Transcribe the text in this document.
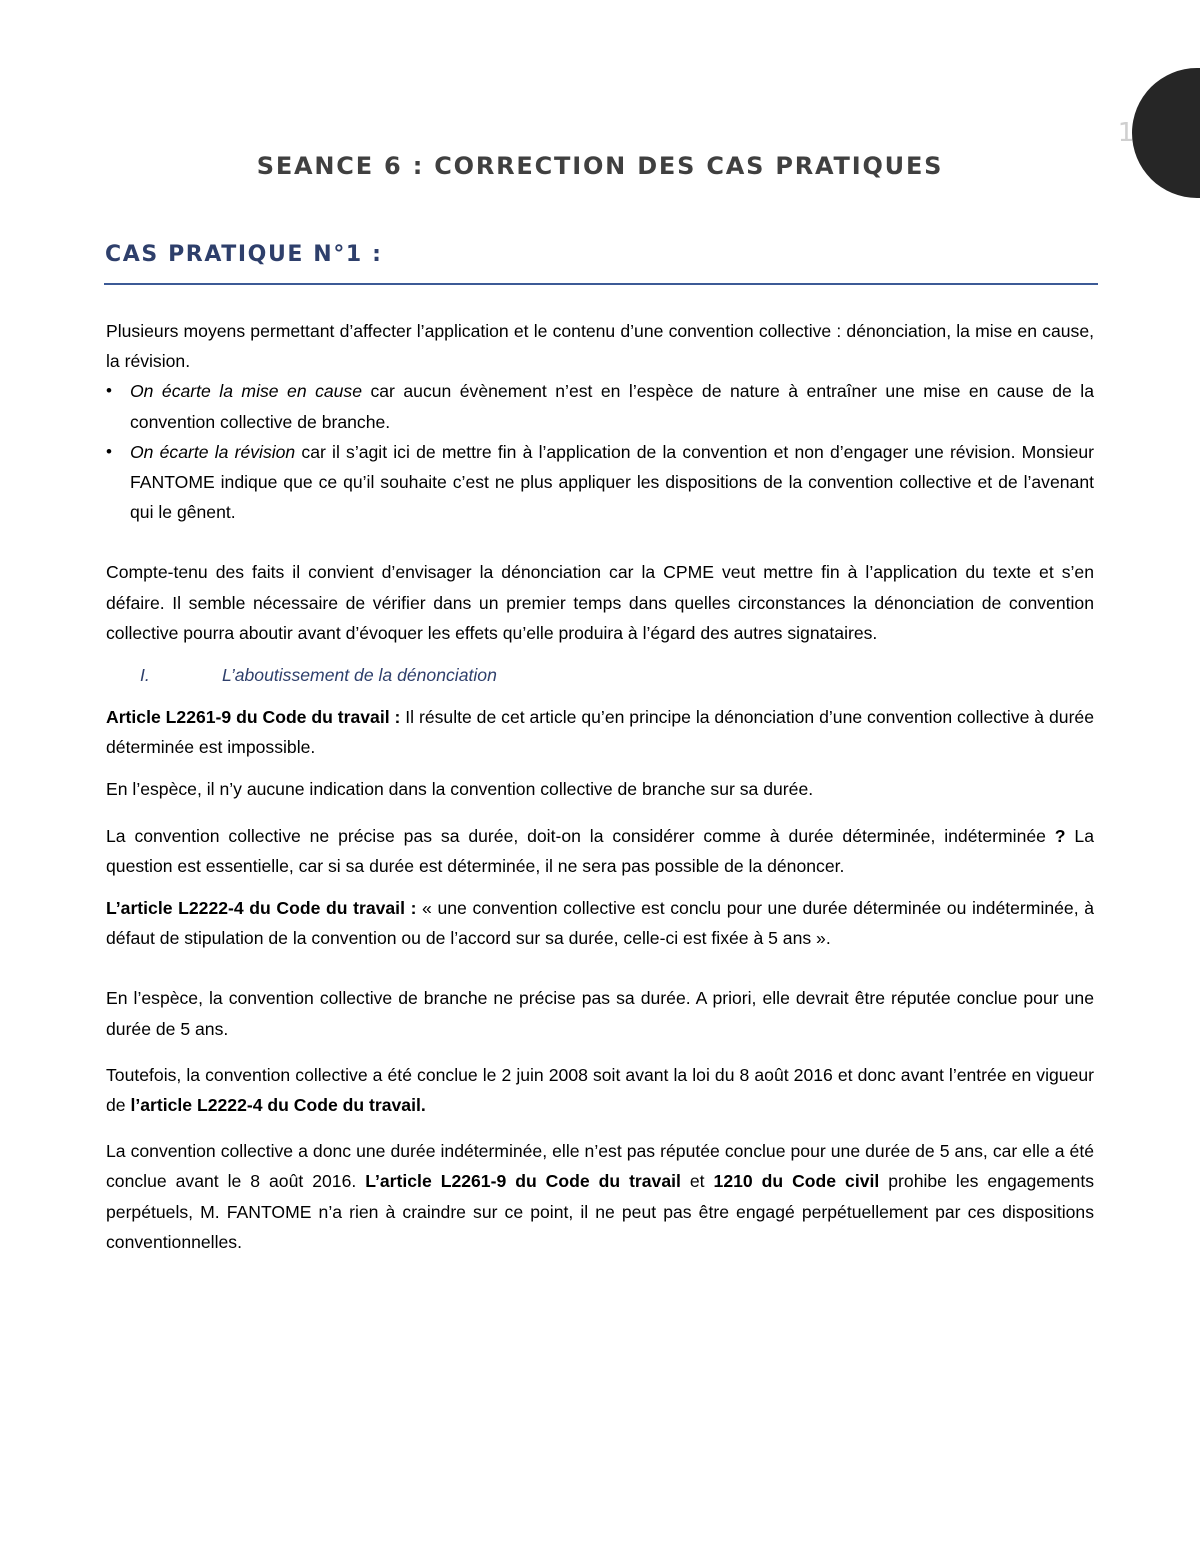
1
SEANCE 6 : CORRECTION DES CAS PRATIQUES
CAS PRATIQUE N°1 :

Plusieurs moyens permettant d’affecter l’application et le contenu d’une convention collective : dénonciation, la mise en cause, la révision.

• On écarte la mise en cause car aucun évènement n’est en l’espèce de nature à entraîner une mise en cause de la convention collective de branche.
• On écarte la révision car il s’agit ici de mettre fin à l’application de la convention et non d’engager une révision. Monsieur FANTOME indique que ce qu’il souhaite c’est ne plus appliquer les dispositions de la convention collective et de l’avenant qui le gênent.

Compte-tenu des faits il convient d’envisager la dénonciation car la CPME veut mettre fin à l’application du texte et s’en défaire. Il semble nécessaire de vérifier dans un premier temps dans quelles circonstances la dénonciation de convention collective pourra aboutir avant d’évoquer les effets qu’elle produira à l’égard des autres signataires.

I.	L’aboutissement de la dénonciation

Article L2261-9 du Code du travail : Il résulte de cet article qu’en principe la dénonciation d’une convention collective à durée déterminée est impossible.

En l’espèce, il n’y aucune indication dans la convention collective de branche sur sa durée.

La convention collective ne précise pas sa durée, doit-on la considérer comme à durée déterminée, indéterminée ? La question est essentielle, car si sa durée est déterminée, il ne sera pas possible de la dénoncer.

L’article L2222-4 du Code du travail : « une convention collective est conclu pour une durée déterminée ou indéterminée, à défaut de stipulation de la convention ou de l’accord sur sa durée, celle-ci est fixée à 5 ans ».

En l’espèce, la convention collective de branche ne précise pas sa durée. A priori, elle devrait être réputée conclue pour une durée de 5 ans.

Toutefois, la convention collective a été conclue le 2 juin 2008 soit avant la loi du 8 août 2016 et donc avant l’entrée en vigueur de l’article L2222-4 du Code du travail.

La convention collective a donc une durée indéterminée, elle n’est pas réputée conclue pour une durée de 5 ans, car elle a été conclue avant le 8 août 2016. L’article L2261-9 du Code du travail et 1210 du Code civil prohibe les engagements perpétuels, M. FANTOME n’a rien à craindre sur ce point, il ne peut pas être engagé perpétuellement par ces dispositions conventionnelles.
